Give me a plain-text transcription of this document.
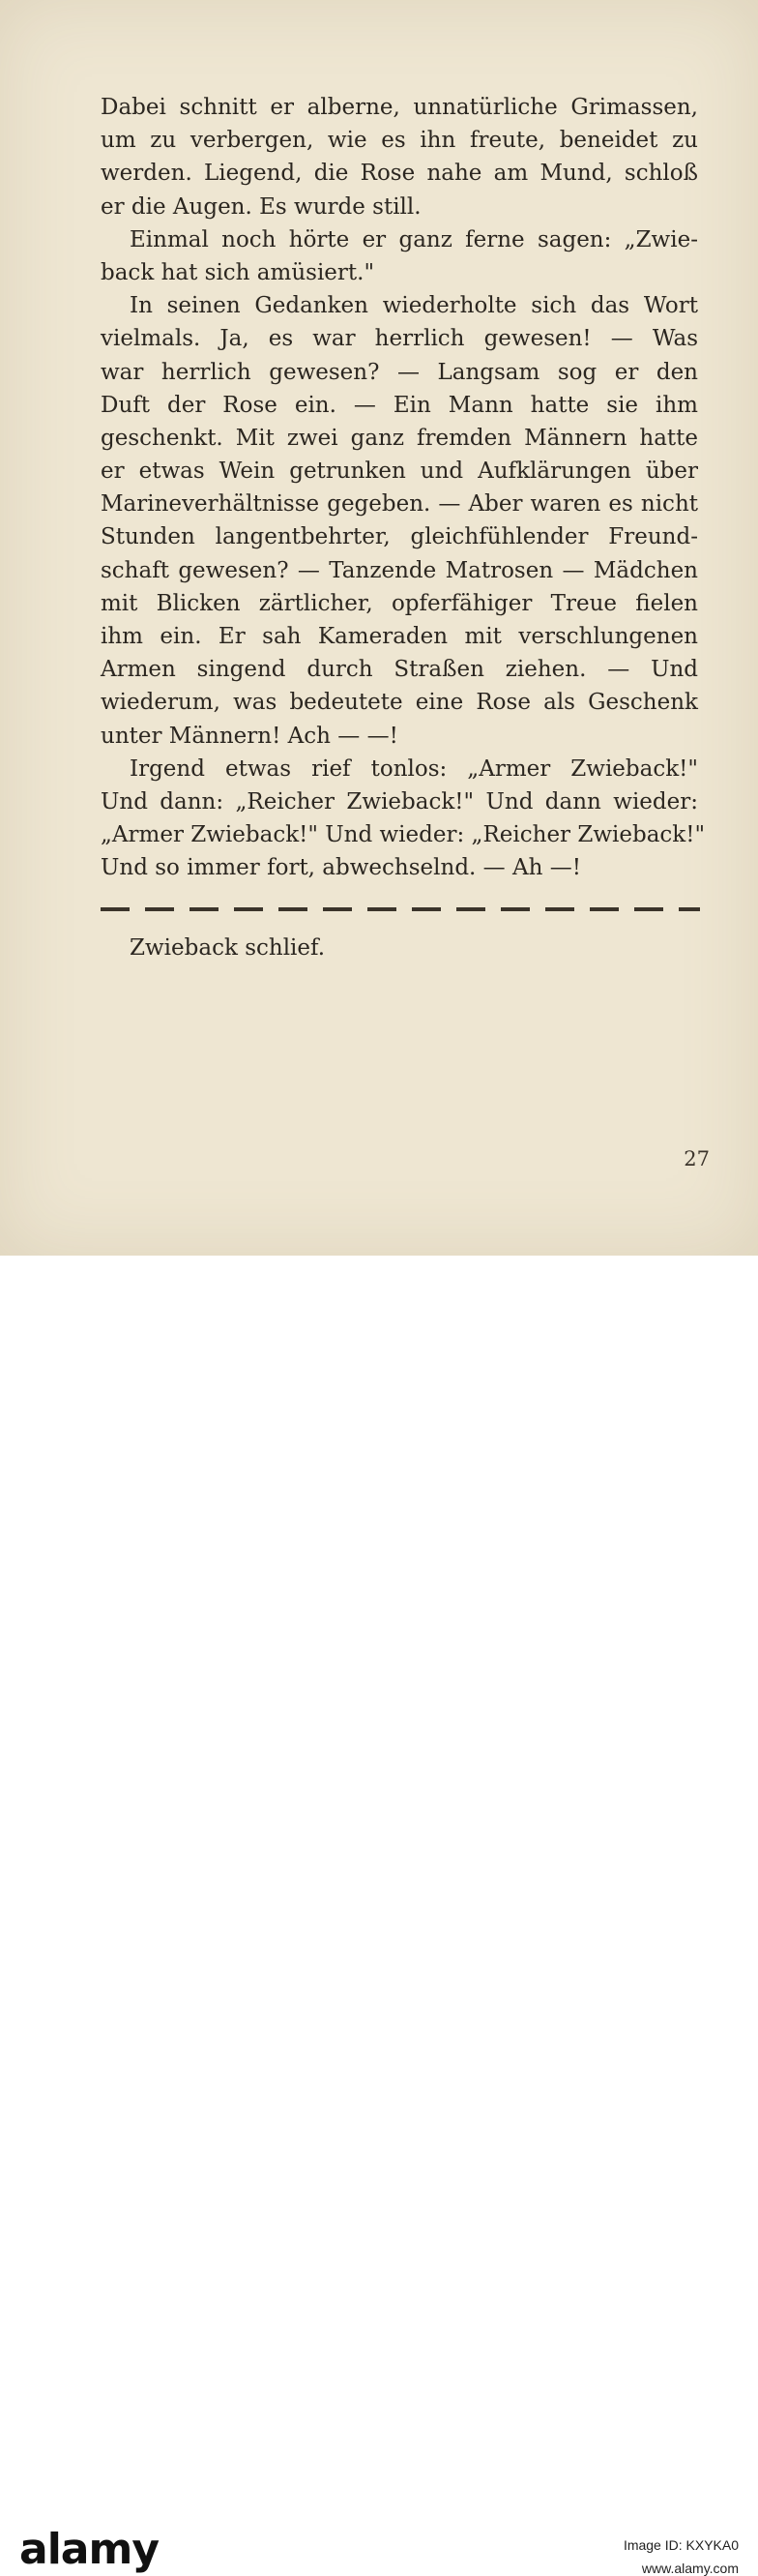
Dabei schnitt er alberne, unnatürliche Grimassen,
um zu verbergen, wie es ihn freute, beneidet zu
werden. Liegend, die Rose nahe am Mund, schloß
er die Augen. Es wurde still.
Einmal noch hörte er ganz ferne sagen: „Zwie-
back hat sich amüsiert."
In seinen Gedanken wiederholte sich das Wort
vielmals. Ja, es war herrlich gewesen! — Was
war herrlich gewesen? — Langsam sog er den
Duft der Rose ein. — Ein Mann hatte sie ihm
geschenkt. Mit zwei ganz fremden Männern hatte
er etwas Wein getrunken und Aufklärungen über
Marineverhältnisse gegeben. — Aber waren es nicht
Stunden langentbehrter, gleichfühlender Freund-
schaft gewesen? — Tanzende Matrosen — Mädchen
mit Blicken zärtlicher, opferfähiger Treue fielen
ihm ein. Er sah Kameraden mit verschlungenen
Armen singend durch Straßen ziehen. — Und
wiederum, was bedeutete eine Rose als Geschenk
unter Männern! Ach — —!
Irgend etwas rief tonlos: „Armer Zwieback!"
Und dann: „Reicher Zwieback!" Und dann wieder:
„Armer Zwieback!" Und wieder: „Reicher Zwieback!"
Und so immer fort, abwechselnd. — Ah —!
Zwieback schlief.
27
alamy	Image ID: KXYKA0
www.alamy.com
